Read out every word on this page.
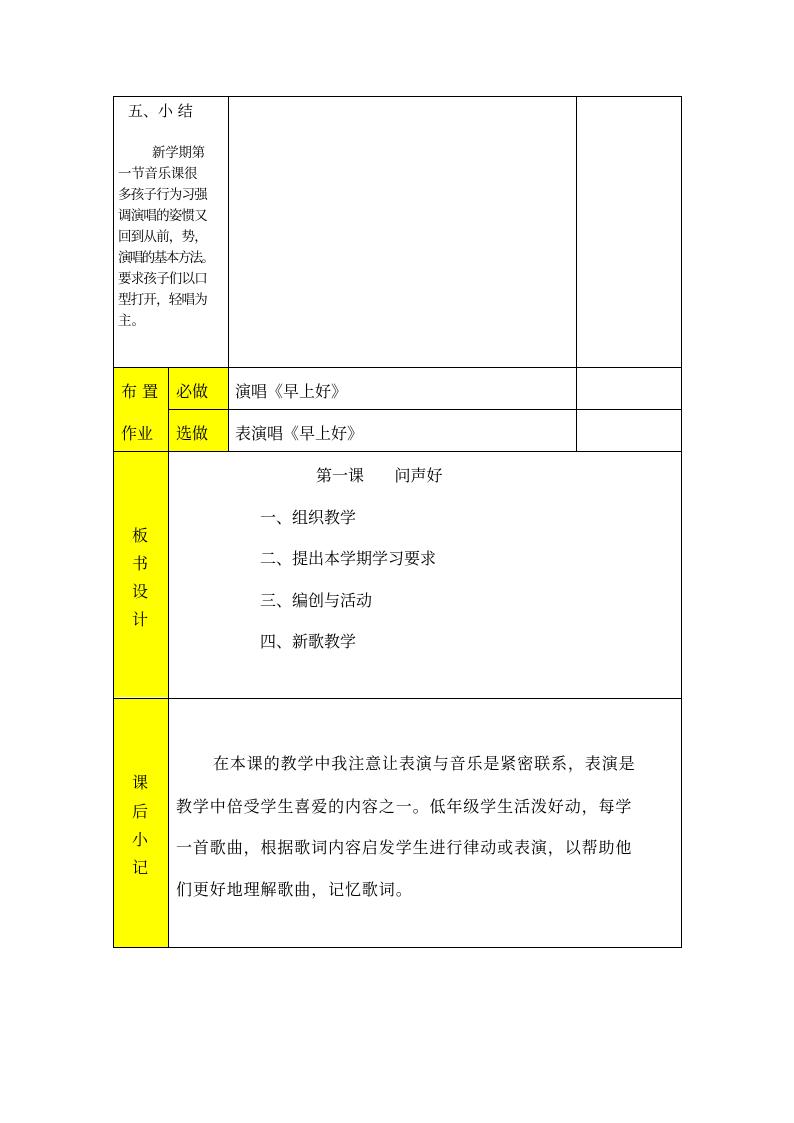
五、小 结
新学期第
一节音乐课很
多孩子行为习强
调演唱的姿惯又
回到从前，势，
演唱的基本方法。
要求孩子们以口
型打开，轻唱为
主。
布 置
作业
必做 演唱《早上好》
选做 表演唱《早上好》
板
书
设
计
第一课      问声好
一、组织教学
二、提出本学期学习要求
三、编创与活动
四、新歌教学
课
后
小
记
在本课的教学中我注意让表演与音乐是紧密联系，表演是
教学中倍受学生喜爱的内容之一。低年级学生活泼好动，每学
一首歌曲，根据歌词内容启发学生进行律动或表演，以帮助他
们更好地理解歌曲，记忆歌词。
